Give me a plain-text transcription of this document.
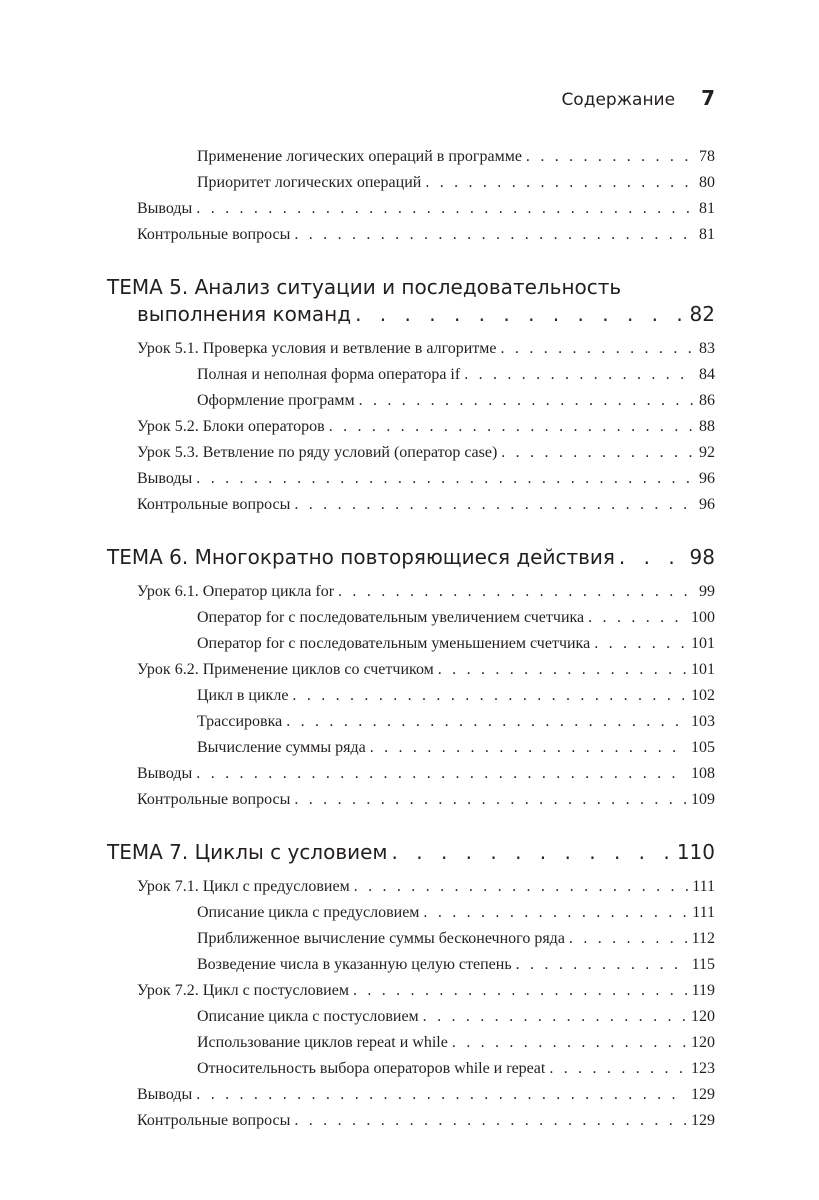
Содержание 7
Применение логических операций в программе . . .	78
Приоритет логических операций . . .	80
Выводы . . .	81
Контрольные вопросы . . .	81
ТЕМА 5. Анализ ситуации и последовательность
выполнения команд . . .	82
Урок 5.1. Проверка условия и ветвление в алгоритме . . .	83
Полная и неполная форма оператора if . . .	84
Оформление программ . . .	86
Урок 5.2. Блоки операторов . . .	88
Урок 5.3. Ветвление по ряду условий (оператор case) . . .	92
Выводы . . .	96
Контрольные вопросы . . .	96
ТЕМА 6. Многократно повторяющиеся действия . . .	98
Урок 6.1. Оператор цикла for . . .	99
Оператор for с последовательным увеличением счетчика . . .	100
Оператор for с последовательным уменьшением счетчика . . .	101
Урок 6.2. Применение циклов со счетчиком . . .	101
Цикл в цикле . . .	102
Трассировка . . .	103
Вычисление суммы ряда . . .	105
Выводы . . .	108
Контрольные вопросы . . .	109
ТЕМА 7. Циклы с условием . . .	110
Урок 7.1. Цикл с предусловием . . .	111
Описание цикла с предусловием . . .	111
Приближенное вычисление суммы бесконечного ряда . . .	112
Возведение числа в указанную целую степень . . .	115
Урок 7.2. Цикл с постусловием . . .	119
Описание цикла с постусловием . . .	120
Использование циклов repeat и while . . .	120
Относительность выбора операторов while и repeat . . .	123
Выводы . . .	129
Контрольные вопросы . . .	129
